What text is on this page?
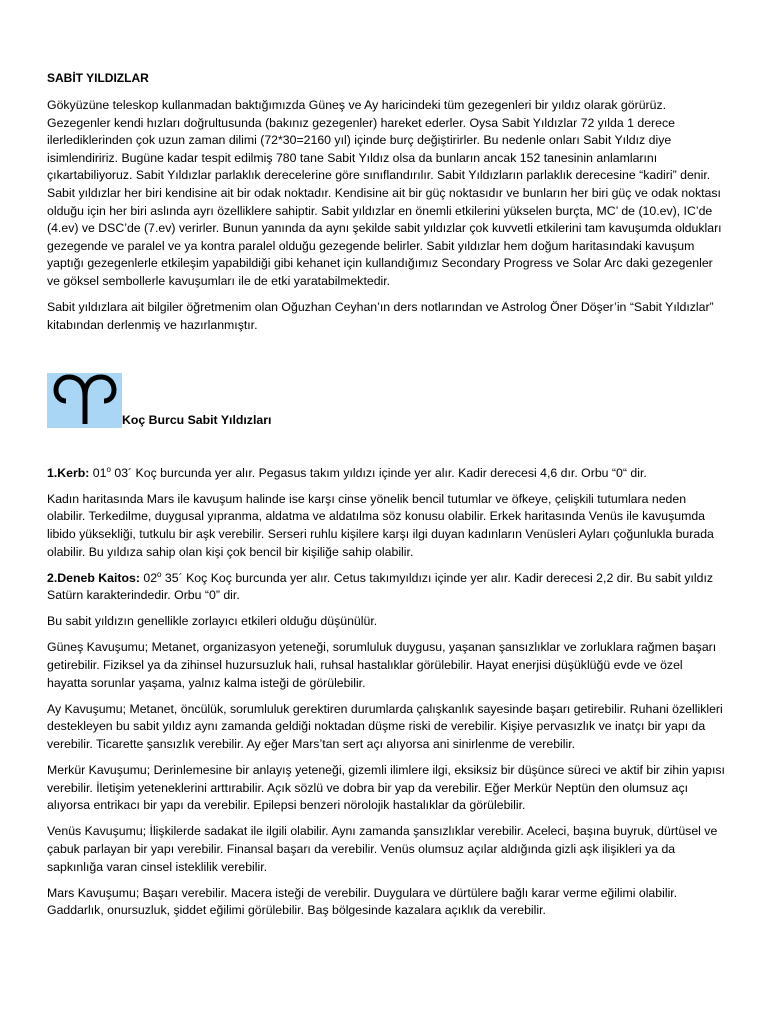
SABİT YILDIZLAR

Gökyüzüne teleskop kullanmadan baktığımızda Güneş ve Ay haricindeki tüm gezegenleri bir yıldız olarak görürüz. Gezegenler kendi hızları doğrultusunda (bakınız gezegenler) hareket ederler. Oysa Sabit Yıldızlar 72 yılda 1 derece ilerlediklerinden çok uzun zaman dilimi (72*30=2160 yıl) içinde burç değiştirirler. Bu nedenle onları Sabit Yıldız diye isimlendiririz. Bugüne kadar tespit edilmiş 780 tane Sabit Yıldız olsa da bunların ancak 152 tanesinin anlamlarını çıkartabiliyoruz. Sabit Yıldızlar parlaklık derecelerine göre sınıflandırılır. Sabit Yıldızların parlaklık derecesine “kadiri” denir. Sabit yıldızlar her biri kendisine ait bir odak noktadır. Kendisine ait bir güç noktasıdır ve bunların her biri güç ve odak noktası olduğu için her biri aslında ayrı özelliklere sahiptir. Sabit yıldızlar en önemli etkilerini yükselen burçta, MC’ de (10.ev), IC’de (4.ev) ve DSC’de (7.ev) verirler. Bunun yanında da aynı şekilde sabit yıldızlar çok kuvvetli etkilerini tam kavuşumda oldukları gezegende ve paralel ve ya kontra paralel olduğu gezegende belirler. Sabit yıldızlar hem doğum haritasındaki kavuşum yaptığı gezegenlerle etkileşim yapabildiği gibi kehanet için kullandığımız Secondary Progress ve Solar Arc daki gezegenler ve göksel sembollerle kavuşumları ile de etki yaratabilmektedir.

Sabit yıldızlara ait bilgiler öğretmenim olan Oğuzhan Ceyhan’ın ders notlarından ve Astrolog Öner Döşer’in “Sabit Yıldızlar” kitabından derlenmiş ve hazırlanmıştır.

Koç Burcu Sabit Yıldızları

1.Kerb: 01$^o$ 03´ Koç burcunda yer alır. Pegasus takım yıldızı içinde yer alır. Kadir derecesi 4,6 dır. Orbu “0“ dir.

Kadın haritasında Mars ile kavuşum halinde ise karşı cinse yönelik bencil tutumlar ve öfkeye, çelişkili tutumlara neden olabilir. Terkedilme, duygusal yıpranma, aldatma ve aldatılma söz konusu olabilir. Erkek haritasında Venüs ile kavuşumda libido yüksekliği, tutkulu bir aşk verebilir. Serseri ruhlu kişilere karşı ilgi duyan kadınların Venüsleri Ayları çoğunlukla burada olabilir. Bu yıldıza sahip olan kişi çok bencil bir kişiliğe sahip olabilir.

2.Deneb Kaitos: 02$^o$ 35´ Koç Koç burcunda yer alır. Cetus takımyıldızı içinde yer alır. Kadir derecesi 2,2 dir. Bu sabit yıldız Satürn karakterindedir. Orbu “0” dir.

Bu sabit yıldızın genellikle zorlayıcı etkileri olduğu düşünülür.

Güneş Kavuşumu; Metanet, organizasyon yeteneği, sorumluluk duygusu, yaşanan şansızlıklar ve zorluklara rağmen başarı getirebilir. Fiziksel ya da zihinsel huzursuzluk hali, ruhsal hastalıklar görülebilir. Hayat enerjisi düşüklüğü evde ve özel hayatta sorunlar yaşama, yalnız kalma isteği de görülebilir.

Ay Kavuşumu; Metanet, öncülük, sorumluluk gerektiren durumlarda çalışkanlık sayesinde başarı getirebilir. Ruhani özellikleri destekleyen bu sabit yıldız aynı zamanda geldiği noktadan düşme riski de verebilir. Kişiye pervasızlık ve inatçı bir yapı da verebilir. Ticarette şansızlık verebilir. Ay eğer Mars’tan sert açı alıyorsa ani sinirlenme de verebilir.

Merkür Kavuşumu; Derinlemesine bir anlayış yeteneği, gizemli ilimlere ilgi, eksiksiz bir düşünce süreci ve aktif bir zihin yapısı verebilir. İletişim yeteneklerini arttırabilir. Açık sözlü ve dobra bir yap da verebilir. Eğer Merkür Neptün den olumsuz açı alıyorsa entrikacı bir yapı da verebilir. Epilepsi benzeri nörolojik hastalıklar da görülebilir.

Venüs Kavuşumu; İlişkilerde sadakat ile ilgili olabilir. Aynı zamanda şansızlıklar verebilir. Aceleci, başına buyruk, dürtüsel ve çabuk parlayan bir yapı verebilir. Finansal başarı da verebilir. Venüs olumsuz açılar aldığında gizli aşk ilişikleri ya da sapkınlığa varan cinsel isteklilik verebilir.

Mars Kavuşumu; Başarı verebilir. Macera isteği de verebilir. Duygulara ve dürtülere bağlı karar verme eğilimi olabilir. Gaddarlık, onursuzluk, şiddet eğilimi görülebilir. Baş bölgesinde kazalara açıklık da verebilir.
